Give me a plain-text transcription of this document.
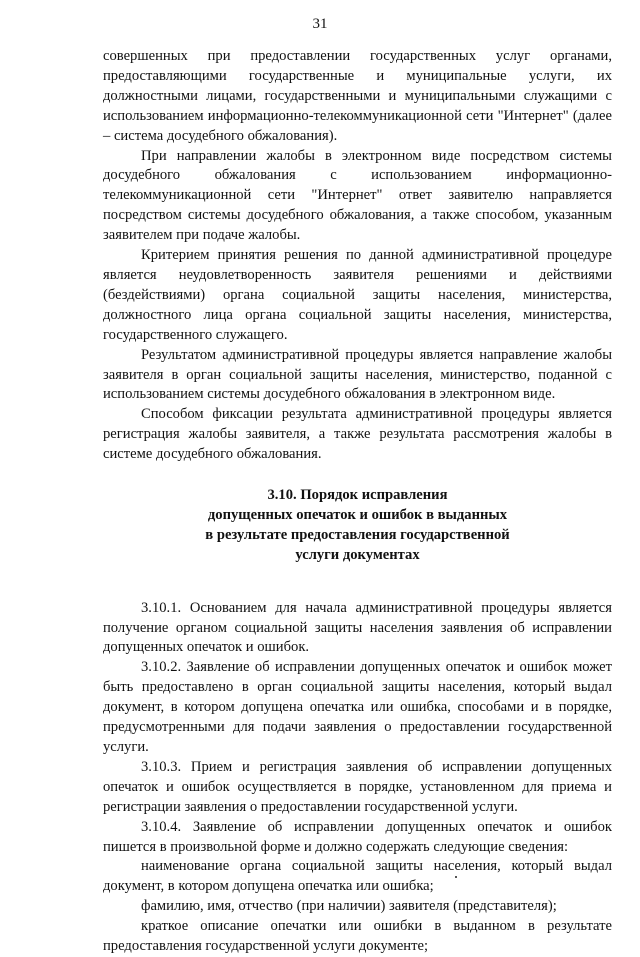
31

совершенных при предоставлении государственных услуг органами, предоставляющими государственные и муниципальные услуги, их должностными лицами, государственными и муниципальными служащими с использованием информационно-телекоммуникационной сети "Интернет" (далее – система досудебного обжалования).

При направлении жалобы в электронном виде посредством системы досудебного обжалования с использованием информационно-телекоммуникационной сети "Интернет" ответ заявителю направляется посредством системы досудебного обжалования, а также способом, указанным заявителем при подаче жалобы.

Критерием принятия решения по данной административной процедуре является неудовлетворенность заявителя решениями и действиями (бездействиями) органа социальной защиты населения, министерства, должностного лица органа социальной защиты населения, министерства, государственного служащего.

Результатом административной процедуры является направление жалобы заявителя в орган социальной защиты населения, министерство, поданной с использованием системы досудебного обжалования в электронном виде.

Способом фиксации результата административной процедуры является регистрация жалобы заявителя, а также результата рассмотрения жалобы в системе досудебного обжалования.

3.10. Порядок исправления
допущенных опечаток и ошибок в выданных
в результате предоставления государственной
услуги документах

3.10.1. Основанием для начала административной процедуры является получение органом социальной защиты населения заявления об исправлении допущенных опечаток и ошибок.

3.10.2. Заявление об исправлении допущенных опечаток и ошибок может быть предоставлено в орган социальной защиты населения, который выдал документ, в котором допущена опечатка или ошибка, способами и в порядке, предусмотренными для подачи заявления о предоставлении государственной услуги.

3.10.3. Прием и регистрация заявления об исправлении допущенных опечаток и ошибок осуществляется в порядке, установленном для приема и регистрации заявления о предоставлении государственной услуги.

3.10.4. Заявление об исправлении допущенных опечаток и ошибок пишется в произвольной форме и должно содержать следующие сведения:

наименование органа социальной защиты населения, который выдал документ, в котором допущена опечатка или ошибка;

фамилию, имя, отчество (при наличии) заявителя (представителя);

краткое описание опечатки или ошибки в выданном в результате предоставления государственной услуги документе;
